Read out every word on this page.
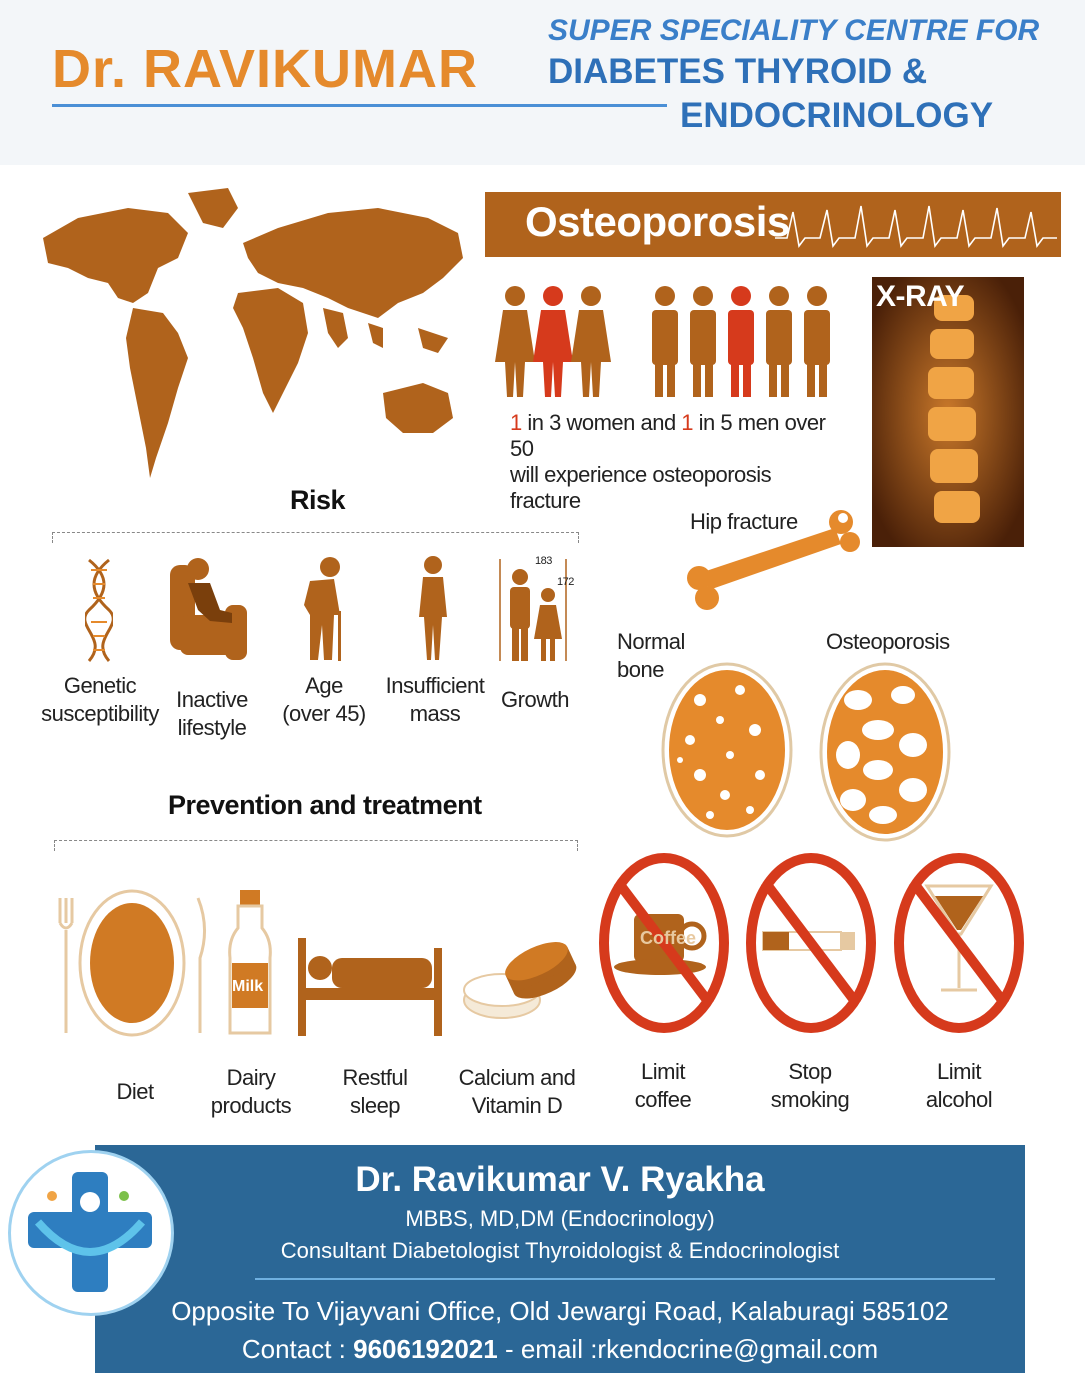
Dr. RAVIKUMAR
SUPER SPECIALITY CENTRE FOR
DIABETES THYROID &
ENDOCRINOLOGY
Osteoporosis
1 in 3 women and 1 in 5 men over 50
will experience osteoporosis fracture
X-RAY
Hip fracture
Normal
bone
Osteoporosis
Risk
183
172
Genetic
susceptibility
Inactive
lifestyle
Age
(over 45)
Insufficient
mass
Growth
Prevention and treatment
Milk
Coffee
Diet
Dairy
products
Restful
sleep
Calcium and
Vitamin D
Limit
coffee
Stop
smoking
Limit
alcohol
Dr. Ravikumar V. Ryakha
MBBS, MD,DM (Endocrinology)
Consultant Diabetologist Thyroidologist & Endocrinologist
Opposite To Vijayvani Office, Old Jewargi Road, Kalaburagi 585102
Contact : 9606192021 - email :rkendocrine@gmail.com
